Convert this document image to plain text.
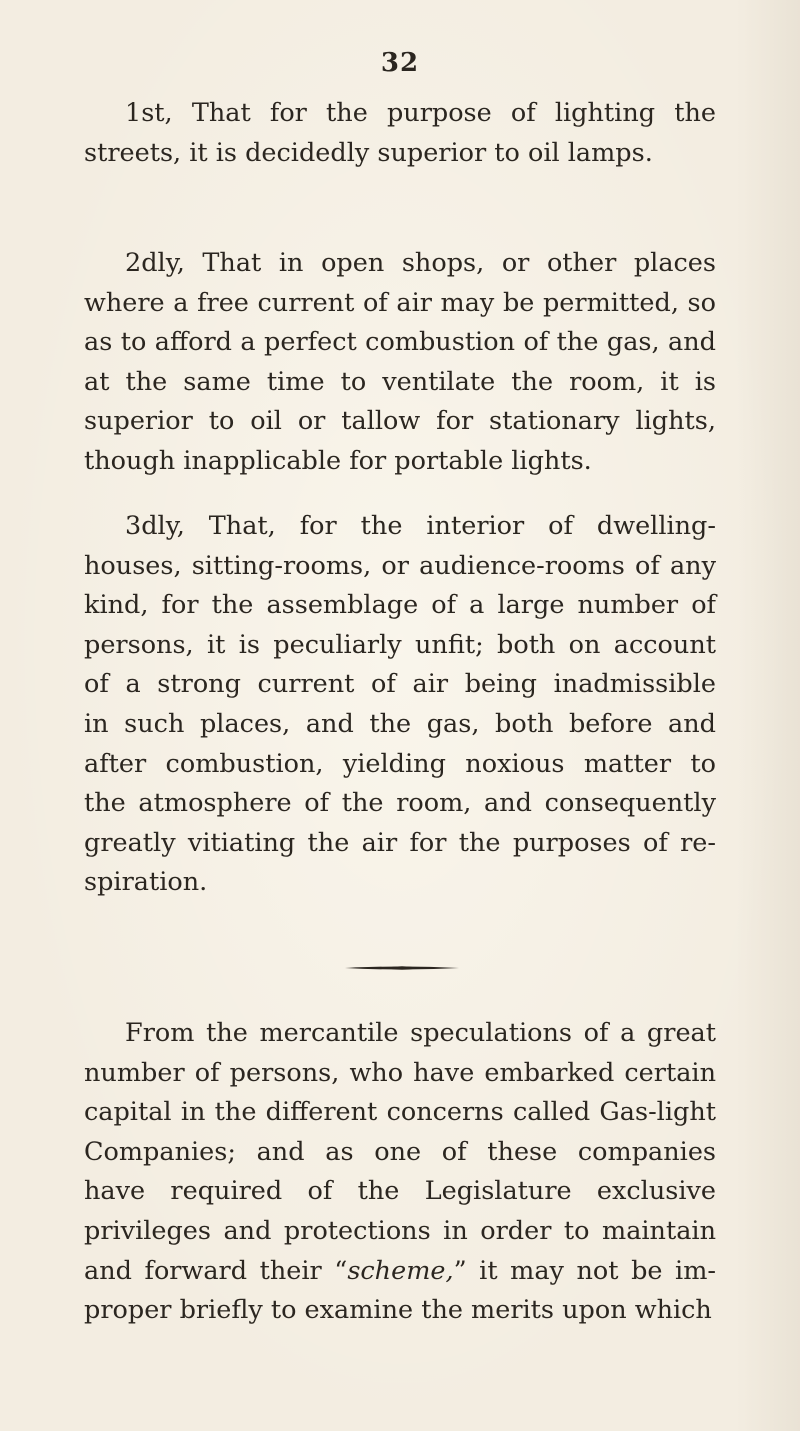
32
1st, That for the purpose of lighting the
streets, it is decidedly superior to oil lamps.
2dly, That in open shops, or other places
where a free current of air may be permitted, so
as to afford a perfect combustion of the gas, and
at the same time to ventilate the room, it is
superior to oil or tallow for stationary lights,
though inapplicable for portable lights.
3dly, That, for the interior of dwelling-
houses, sitting-rooms, or audience-rooms of any
kind, for the assemblage of a large number of
persons, it is peculiarly unfit; both on account
of a strong current of air being inadmissible
in such places, and the gas, both before and
after combustion, yielding noxious matter to
the atmosphere of the room, and consequently
greatly vitiating the air for the purposes of re-
spiration.
From the mercantile speculations of a great
number of persons, who have embarked certain
capital in the different concerns called Gas-light
Companies; and as one of these companies
have required of the Legislature exclusive
privileges and protections in order to maintain
and forward their “scheme,” it may not be im-
proper briefly to examine the merits upon which
